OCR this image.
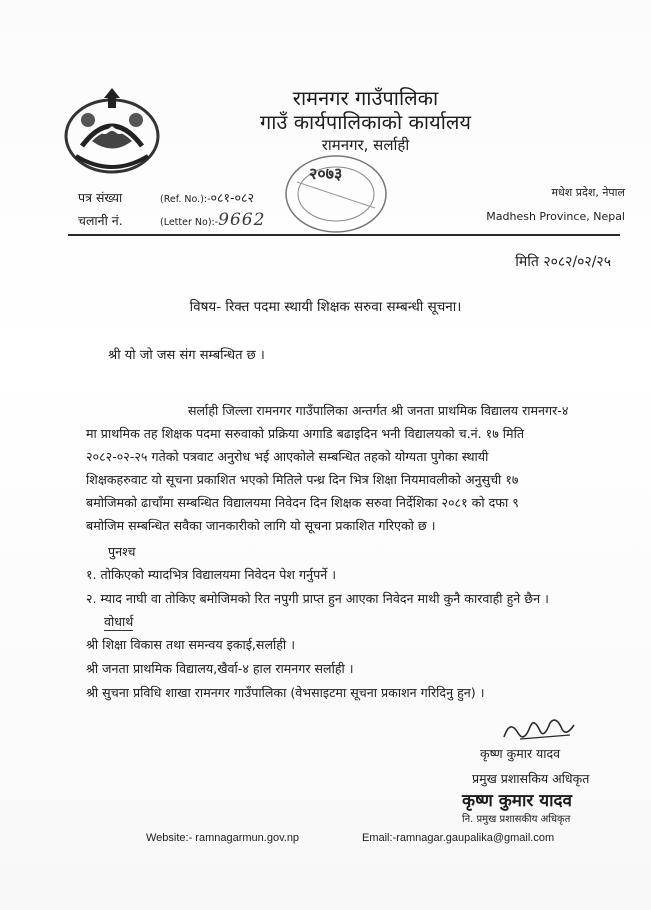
रामनगर गाउँपालिका
गाउँ कार्यपालिकाको कार्यालय
रामनगर, सर्लाही
पत्र संख्या	(Ref. No.):-०८१-०८२
चलानी नं.	(Letter No):-9662
२०७३
मधेश प्रदेश, नेपाल
Madhesh Province, Nepal
मिति २०८२/०२/२५
विषय- रिक्त पदमा स्थायी शिक्षक सरुवा सम्बन्धी सूचना।
श्री यो जो जस संग सम्बन्धित छ ।
सर्लाही जिल्ला रामनगर गाउँपालिका अन्तर्गत श्री जनता प्राथमिक विद्यालय रामनगर-४
मा प्राथमिक तह शिक्षक पदमा सरुवाको प्रक्रिया अगाडि बढाइदिन भनी विद्यालयको च.नं. १७ मिति
२०८२-०२-२५ गतेको पत्रवाट अनुरोध भई आएकोले सम्बन्धित तहको योग्यता पुगेका स्थायी
शिक्षकहरुवाट यो सूचना प्रकाशित भएको मितिले पन्ध्र दिन भित्र शिक्षा नियमावलीको अनुसुची १७
बमोजिमको ढाचाँमा सम्बन्धित विद्यालयमा निवेदन दिन शिक्षक सरुवा निर्देशिका २०८१ को दफा ९
बमोजिम सम्बन्धित सवैका जानकारीको लागि यो सूचना प्रकाशित गरिएको छ ।
पुनश्च
१. तोकिएको म्यादभित्र विद्यालयमा निवेदन पेश गर्नुपर्ने ।
२. म्याद नाघी वा तोकिए बमोजिमको रित नपुगी प्राप्त हुन आएका निवेदन माथी कुनै कारवाही हुने छैन ।
वोधार्थ
श्री शिक्षा विकास तथा समन्वय इकाई,सर्लाही ।
श्री जनता प्राथमिक विद्यालय,खैर्वा-४ हाल रामनगर सर्लाही ।
श्री सुचना प्रविधि शाखा रामनगर गाउँपालिका (वेभसाइटमा सूचना प्रकाशन गरिदिनु हुन) ।
कृष्ण कुमार यादव
प्रमुख प्रशासकिय अधिकृत
कृष्ण कुमार यादव
नि. प्रमुख प्रशासकीय अधिकृत
Website:- ramnagarmun.gov.np	Email:-ramnagar.gaupalika@gmail.com
